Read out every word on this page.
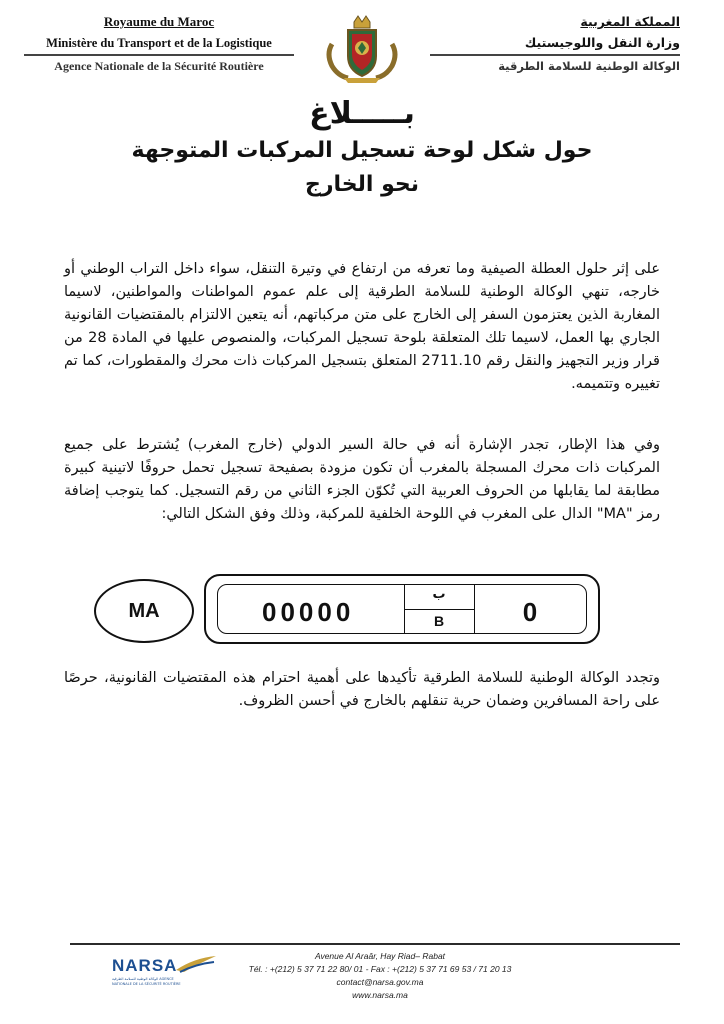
Royaume du Maroc
Ministère du Transport et de la Logistique
Agence Nationale de la Sécurité Routière
المملكة المغربية
وزارة النقل واللوجيستيك
الوكالة الوطنية للسلامة الطرقية
بـــــلاغ
حول شكل لوحة تسجيل المركبات المتوجهة
نحو الخارج
على إثر حلول العطلة الصيفية وما تعرفه من ارتفاع في وتيرة التنقل، سواء داخل التراب الوطني أو خارجه، تنهي الوكالة الوطنية للسلامة الطرقية إلى علم عموم المواطنات والمواطنين، لاسيما المغاربة الذين يعتزمون السفر إلى الخارج على متن مركباتهم، أنه يتعين الالتزام بالمقتضيات القانونية الجاري بها العمل، لاسيما تلك المتعلقة بلوحة تسجيل المركبات، والمنصوص عليها في المادة 28 من قرار وزير التجهيز والنقل رقم 2711.10 المتعلق بتسجيل المركبات ذات محرك والمقطورات، كما تم تغييره وتتميمه.
وفي هذا الإطار، تجدر الإشارة أنه في حالة السير الدولي (خارج المغرب) يُشترط على جميع المركبات ذات محرك المسجلة بالمغرب أن تكون مزودة بصفيحة تسجيل تحمل حروفًا لاتينية كبيرة مطابقة لما يقابلها من الحروف العربية التي تُكوّن الجزء الثاني من رقم التسجيل. كما يتوجب إضافة رمز "MA" الدال على المغرب في اللوحة الخلفية للمركبة، وذلك وفق الشكل التالي:
MA	00000
ب
B	0
وتجدد الوكالة الوطنية للسلامة الطرقية تأكيدها على أهمية احترام هذه المقتضيات القانونية، حرصًا على راحة المسافرين وضمان حرية تنقلهم بالخارج في أحسن الظروف.
NARSA
الوكالة الوطنية للسلامة الطرقية AGENCE NATIONALE DE LA SÉCURITÉ ROUTIÈRE
Avenue Al Araâr, Hay Riad– Rabat
Tél. : +(212) 5 37 71 22 80/ 01 - Fax : +(212) 5 37 71 69 53 / 71 20 13
contact@narsa.gov.ma
www.narsa.ma
